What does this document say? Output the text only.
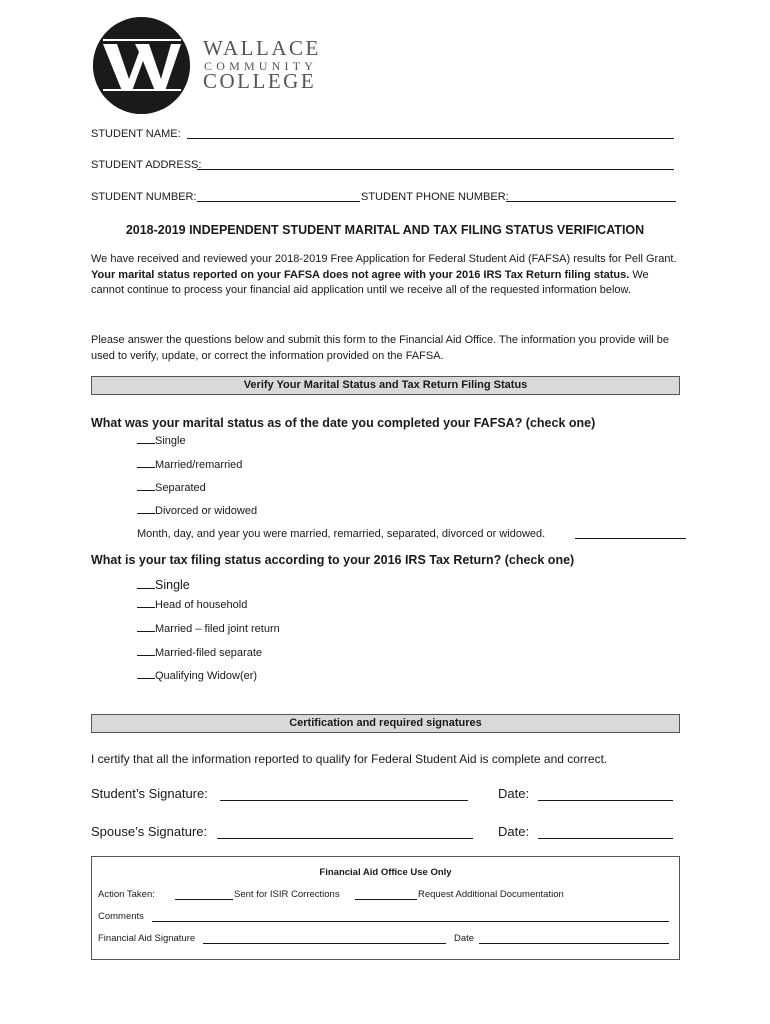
WALLACE
COMMUNITY
COLLEGE
STUDENT NAME:
STUDENT ADDRESS:
STUDENT NUMBER:	STUDENT PHONE NUMBER:
2018-2019 INDEPENDENT STUDENT MARITAL AND TAX FILING STATUS VERIFICATION
We have received and reviewed your 2018-2019 Free Application for Federal Student Aid (FAFSA) results for Pell Grant. Your marital status reported on your FAFSA does not agree with your 2016 IRS Tax Return filing status. We cannot continue to process your financial aid application until we receive all of the requested information below.
Please answer the questions below and submit this form to the Financial Aid Office. The information you provide will be used to verify, update, or correct the information provided on the FAFSA.
Verify Your Marital Status and Tax Return Filing Status
What was your marital status as of the date you completed your FAFSA? (check one)
Single
Married/remarried
Separated
Divorced or widowed
Month, day, and year you were married, remarried, separated, divorced or widowed.
What is your tax filing status according to your 2016 IRS Tax Return? (check one)
Single
Head of household
Married – filed joint return
Married-filed separate
Qualifying Widow(er)
Certification and required signatures
I certify that all the information reported to qualify for Federal Student Aid is complete and correct.
Student’s Signature:	Date:
Spouse’s Signature:	Date:
Financial Aid Office Use Only
Action Taken:	Sent for ISIR Corrections	Request Additional Documentation
Comments
Financial Aid Signature	Date
